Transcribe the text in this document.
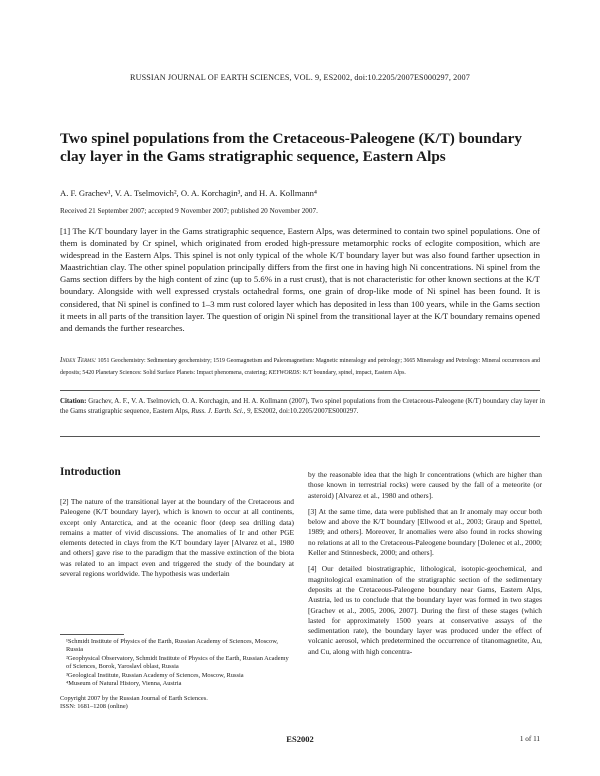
RUSSIAN JOURNAL OF EARTH SCIENCES, VOL. 9, ES2002, doi:10.2205/2007ES000297, 2007
Two spinel populations from the Cretaceous-Paleogene (K/T) boundary clay layer in the Gams stratigraphic sequence, Eastern Alps
A. F. Grachev¹, V. A. Tselmovich², O. A. Korchagin³, and H. A. Kollmann⁴
Received 21 September 2007; accepted 9 November 2007; published 20 November 2007.

[1] The K/T boundary layer in the Gams stratigraphic sequence, Eastern Alps, was determined to contain two spinel populations. One of them is dominated by Cr spinel, which originated from eroded high-pressure metamorphic rocks of eclogite composition, which are widespread in the Eastern Alps. This spinel is not only typical of the whole K/T boundary layer but was also found farther upsection in Maastrichtian clay. The other spinel population principally differs from the first one in having high Ni concentrations. Ni spinel from the Gams section differs by the high content of zinc (up to 5.6% in a rust crust), that is not characteristic for other known sections at the K/T boundary. Alongside with well expressed crystals octahedral forms, one grain of drop-like mode of Ni spinel has been found. It is considered, that Ni spinel is confined to 1–3 mm rust colored layer which has deposited in less than 100 years, while in the Gams section it meets in all parts of the transition layer. The question of origin Ni spinel from the transitional layer at the K/T boundary remains opened and demands the further researches.

Index Terms: 1051 Geochemistry: Sedimentary geochemistry; 1519 Geomagnetism and Paleomagnetism: Magnetic mineralogy and petrology; 3665 Mineralogy and Petrology: Mineral occurrences and deposits; 5420 Planetary Sciences: Solid Surface Planets: Impact phenomena, cratering; KEYWORDS: K/T boundary, spinel, impact, Eastern Alps.

Citation: Grachev, A. F., V. A. Tselmovich, O. A. Korchagin, and H. A. Kollmann (2007), Two spinel populations from the Cretaceous-Paleogene (K/T) boundary clay layer in the Gams stratigraphic sequence, Eastern Alps, Russ. J. Earth. Sci., 9, ES2002, doi:10.2205/2007ES000297.

Introduction

[2] The nature of the transitional layer at the boundary of the Cretaceous and Paleogene (K/T boundary layer), which is known to occur at all continents, except only Antarctica, and at the oceanic floor (deep sea drilling data) remains a matter of vivid discussions. The anomalies of Ir and other PGE elements detected in clays from the K/T boundary layer [Alvarez et al., 1980 and others] gave rise to the paradigm that the massive extinction of the biota was related to an impact even and triggered the study of the boundary at several regions worldwide. The hypothesis was underlain

by the reasonable idea that the high Ir concentrations (which are higher than those known in terrestrial rocks) were caused by the fall of a meteorite (or asteroid) [Alvarez et al., 1980 and others].

[3] At the same time, data were published that an Ir anomaly may occur both below and above the K/T boundary [Ellwood et al., 2003; Graup and Spettel, 1989; and others]. Moreover, Ir anomalies were also found in rocks showing no relations at all to the Cretaceous-Paleogene boundary [Dolenec et al., 2000; Keller and Stinnesbeck, 2000; and others].

[4] Our detailed biostratigraphic, lithological, isotopic-geochemical, and magnitological examination of the stratigraphic section of the sedimentary deposits at the Cretaceous-Paleogene boundary near Gams, Eastern Alps, Austria, led us to conclude that the boundary layer was formed in two stages [Grachev et al., 2005, 2006, 2007]. During the first of these stages (which lasted for approximately 1500 years at conservative assays of the sedimentation rate), the boundary layer was produced under the effect of volcanic aerosol, which predetermined the occurrence of titanomagnetite, Au, and Cu, along with high concentra-

¹Schmidt Institute of Physics of the Earth, Russian Academy of Sciences, Moscow, Russia
²Geophysical Observatory, Schmidt Institute of Physics of the Earth, Russian Academy of Sciences, Borok, Yaroslavl oblast, Russia
³Geological Institute, Russian Academy of Sciences, Moscow, Russia
⁴Museum of Natural History, Vienna, Austria
Copyright 2007 by the Russian Journal of Earth Sciences.
ISSN: 1681–1208 (online)
ES2002	1 of 11
